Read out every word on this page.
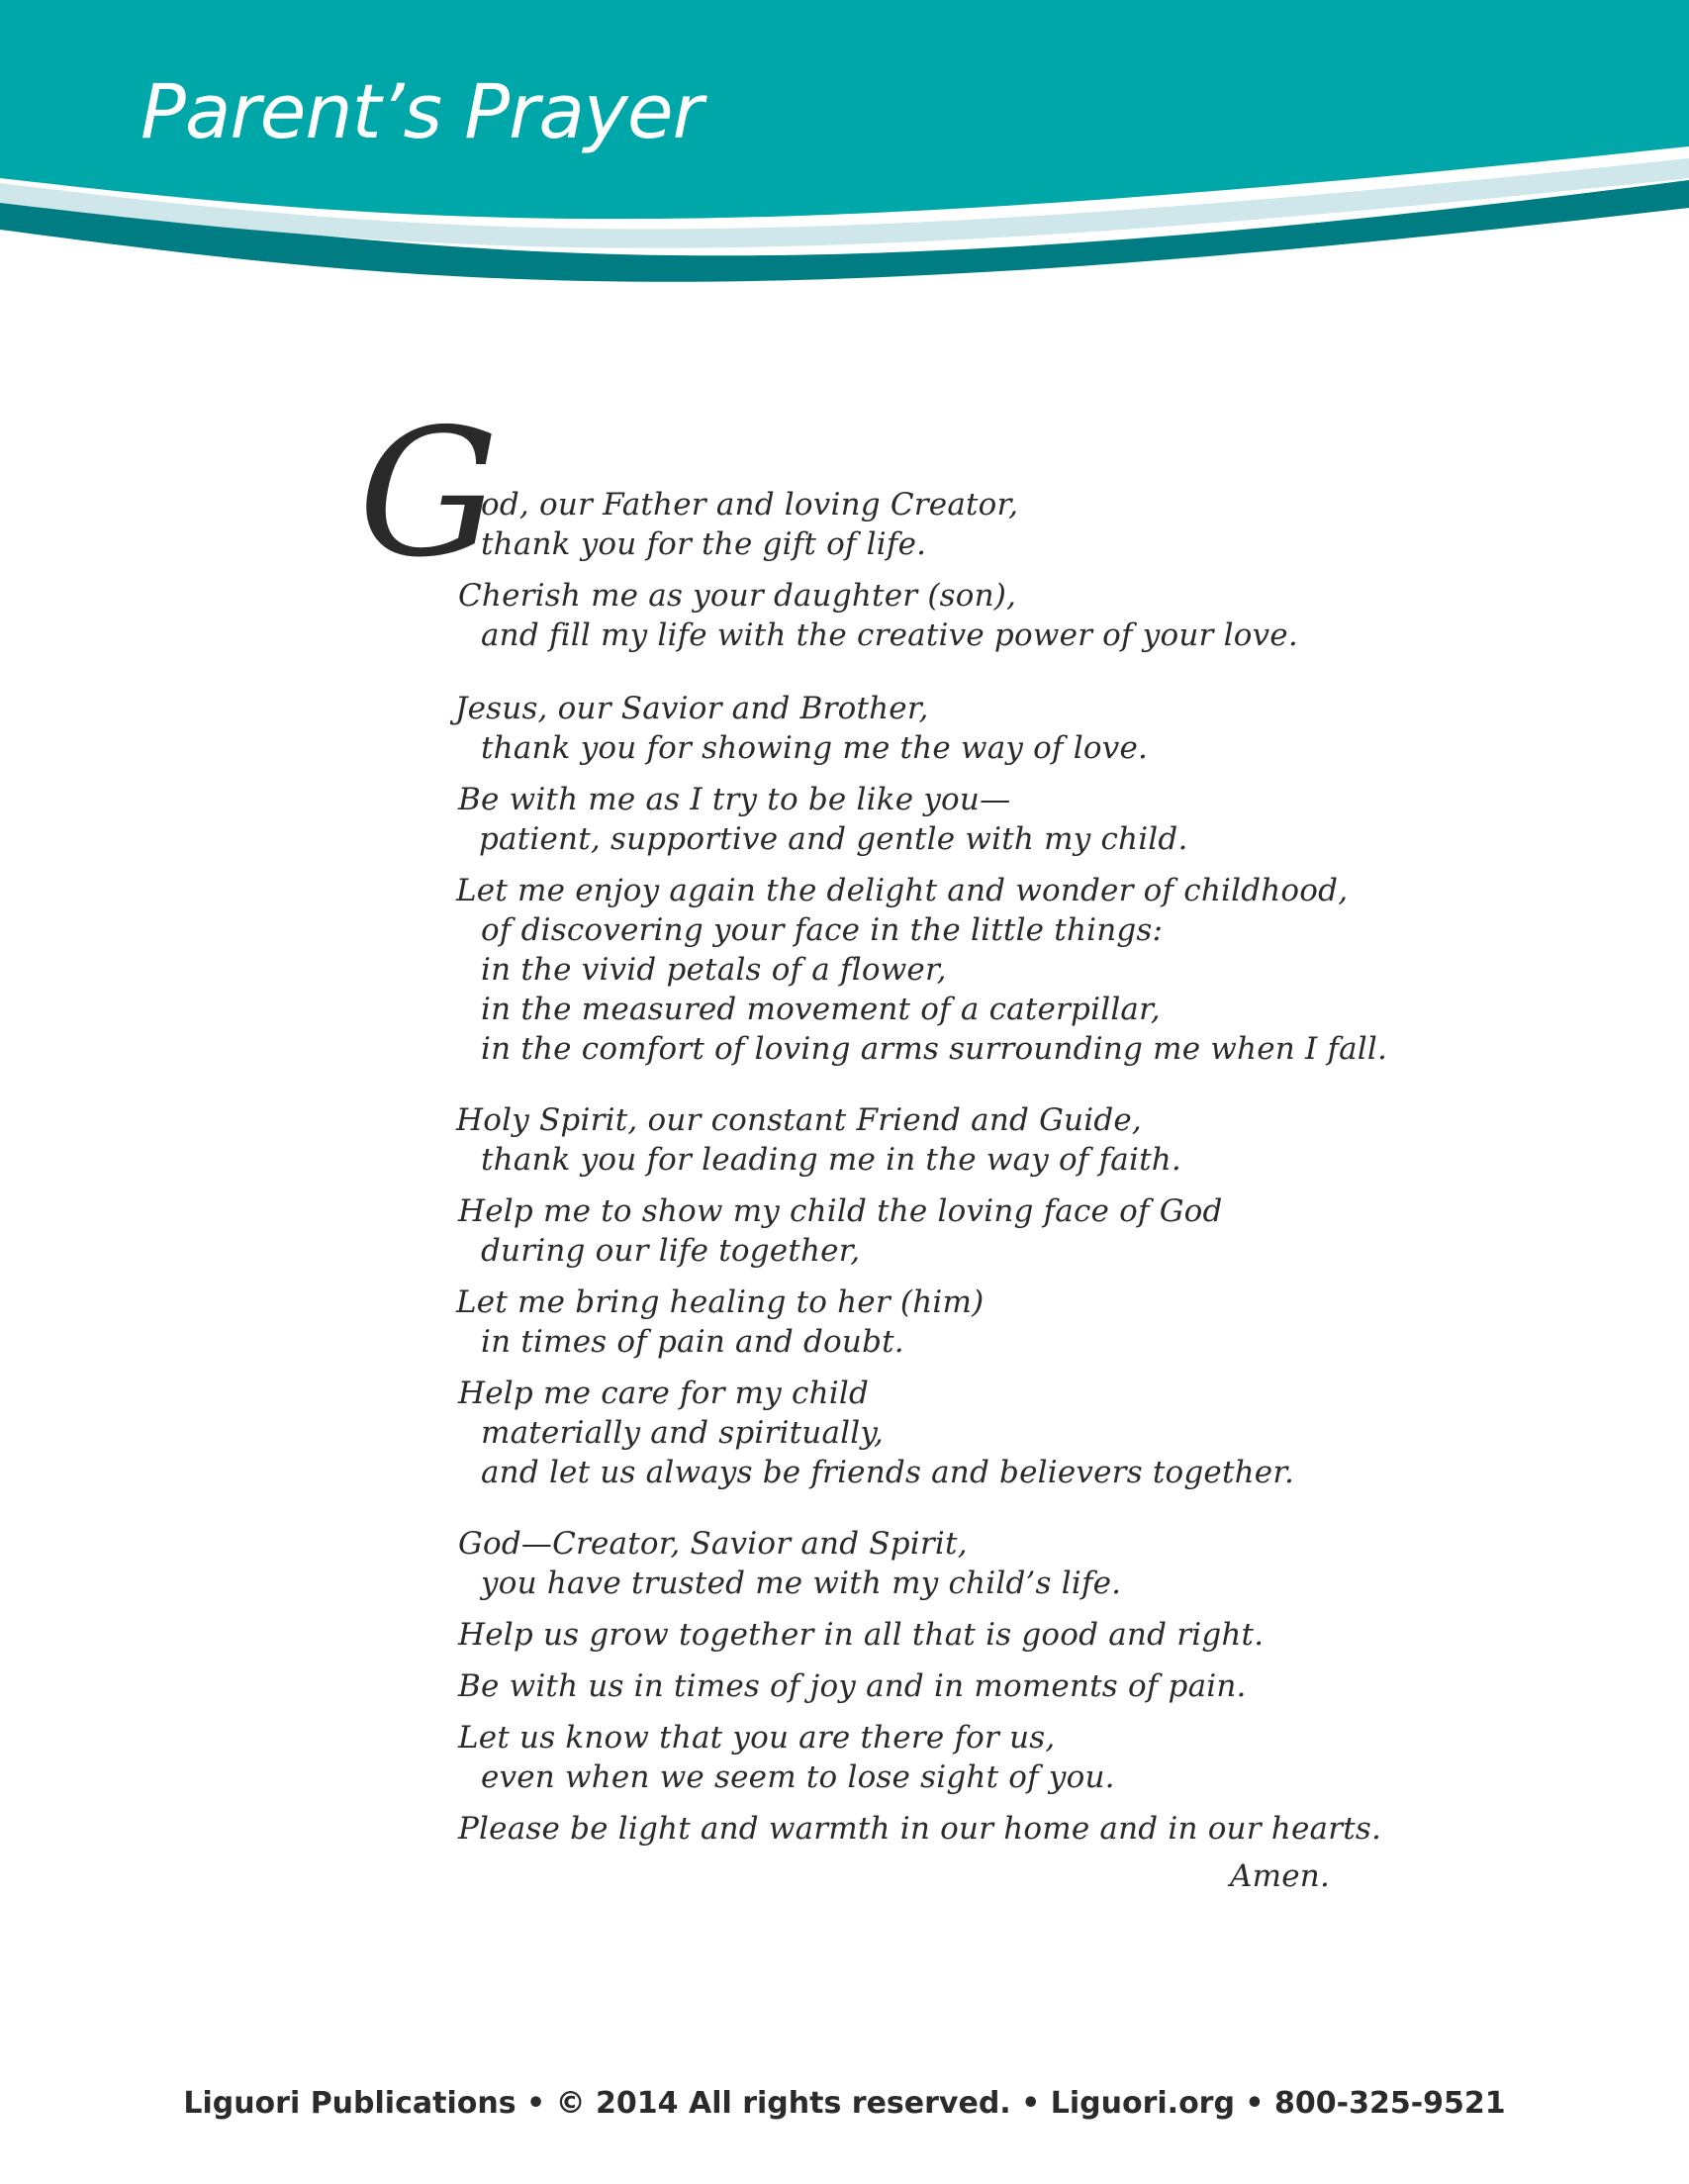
Parent’s Prayer
G

od, our Father and loving Creator,

thank you for the gift of life.

Cherish me as your daughter (son),

and fill my life with the creative power of your love.

Jesus, our Savior and Brother,

thank you for showing me the way of love.

Be with me as I try to be like you—

patient, supportive and gentle with my child.

Let me enjoy again the delight and wonder of childhood,

of discovering your face in the little things:

in the vivid petals of a flower,

in the measured movement of a caterpillar,

in the comfort of loving arms surrounding me when I fall.

Holy Spirit, our constant Friend and Guide,

thank you for leading me in the way of faith.

Help me to show my child the loving face of God

during our life together,

Let me bring healing to her (him)

in times of pain and doubt.

Help me care for my child

materially and spiritually,

and let us always be friends and believers together.

God—Creator, Savior and Spirit,

you have trusted me with my child’s life.

Help us grow together in all that is good and right.

Be with us in times of joy and in moments of pain.

Let us know that you are there for us,

even when we seem to lose sight of you.

Please be light and warmth in our home and in our hearts.

Amen.

Liguori Publications • © 2014 All rights reserved. • Liguori.org • 800-325-9521
